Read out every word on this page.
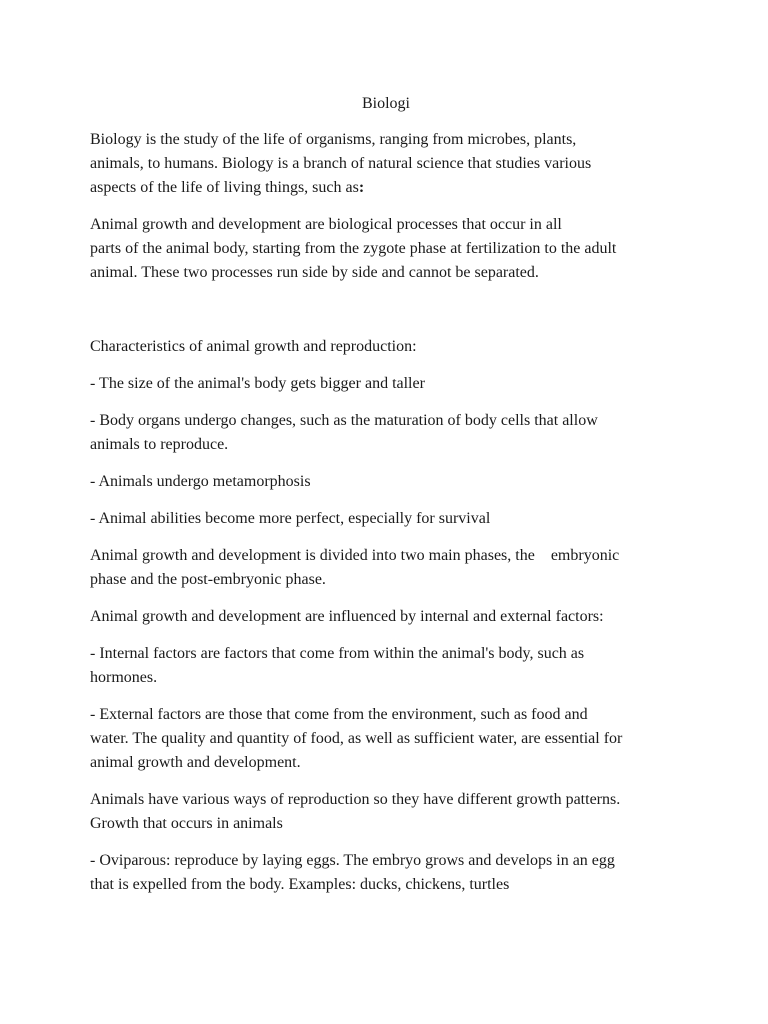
Biologi

Biology is the study of the life of organisms, ranging from microbes, plants,
animals, to humans. Biology is a branch of natural science that studies various
aspects of the life of living things, such as:

Animal growth and development are biological processes that occur in all
parts of the animal body, starting from the zygote phase at fertilization to the adult
animal. These two processes run side by side and cannot be separated.

Characteristics of animal growth and reproduction:

- The size of the animal's body gets bigger and taller

- Body organs undergo changes, such as the maturation of body cells that allow
animals to reproduce.

- Animals undergo metamorphosis

- Animal abilities become more perfect, especially for survival

Animal growth and development is divided into two main phases, the    embryonic
phase and the post-embryonic phase.

Animal growth and development are influenced by internal and external factors:

- Internal factors are factors that come from within the animal's body, such as
hormones.

- External factors are those that come from the environment, such as food and
water. The quality and quantity of food, as well as sufficient water, are essential for
animal growth and development.

Animals have various ways of reproduction so they have different growth patterns.
Growth that occurs in animals

- Oviparous: reproduce by laying eggs. The embryo grows and develops in an egg
that is expelled from the body. Examples: ducks, chickens, turtles
